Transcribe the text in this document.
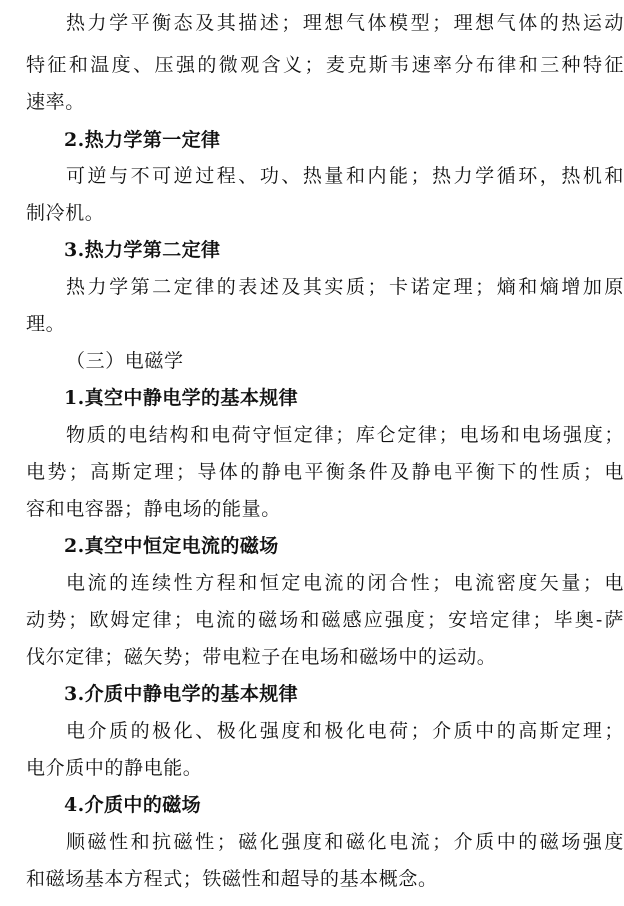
热力学平衡态及其描述；理想气体模型；理想气体的热运动
特征和温度、压强的微观含义；麦克斯韦速率分布律和三种特征
速率。
2.热力学第一定律
可逆与不可逆过程、功、热量和内能；热力学循环，热机和
制冷机。
3.热力学第二定律
热力学第二定律的表述及其实质；卡诺定理；熵和熵增加原
理。
（三）电磁学
1.真空中静电学的基本规律
物质的电结构和电荷守恒定律；库仑定律；电场和电场强度；
电势；高斯定理；导体的静电平衡条件及静电平衡下的性质；电
容和电容器；静电场的能量。
2.真空中恒定电流的磁场
电流的连续性方程和恒定电流的闭合性；电流密度矢量；电
动势；欧姆定律；电流的磁场和磁感应强度；安培定律；毕奥-萨
伐尔定律；磁矢势；带电粒子在电场和磁场中的运动。
3.介质中静电学的基本规律
电介质的极化、极化强度和极化电荷；介质中的高斯定理；
电介质中的静电能。
4.介质中的磁场
顺磁性和抗磁性；磁化强度和磁化电流；介质中的磁场强度
和磁场基本方程式；铁磁性和超导的基本概念。
